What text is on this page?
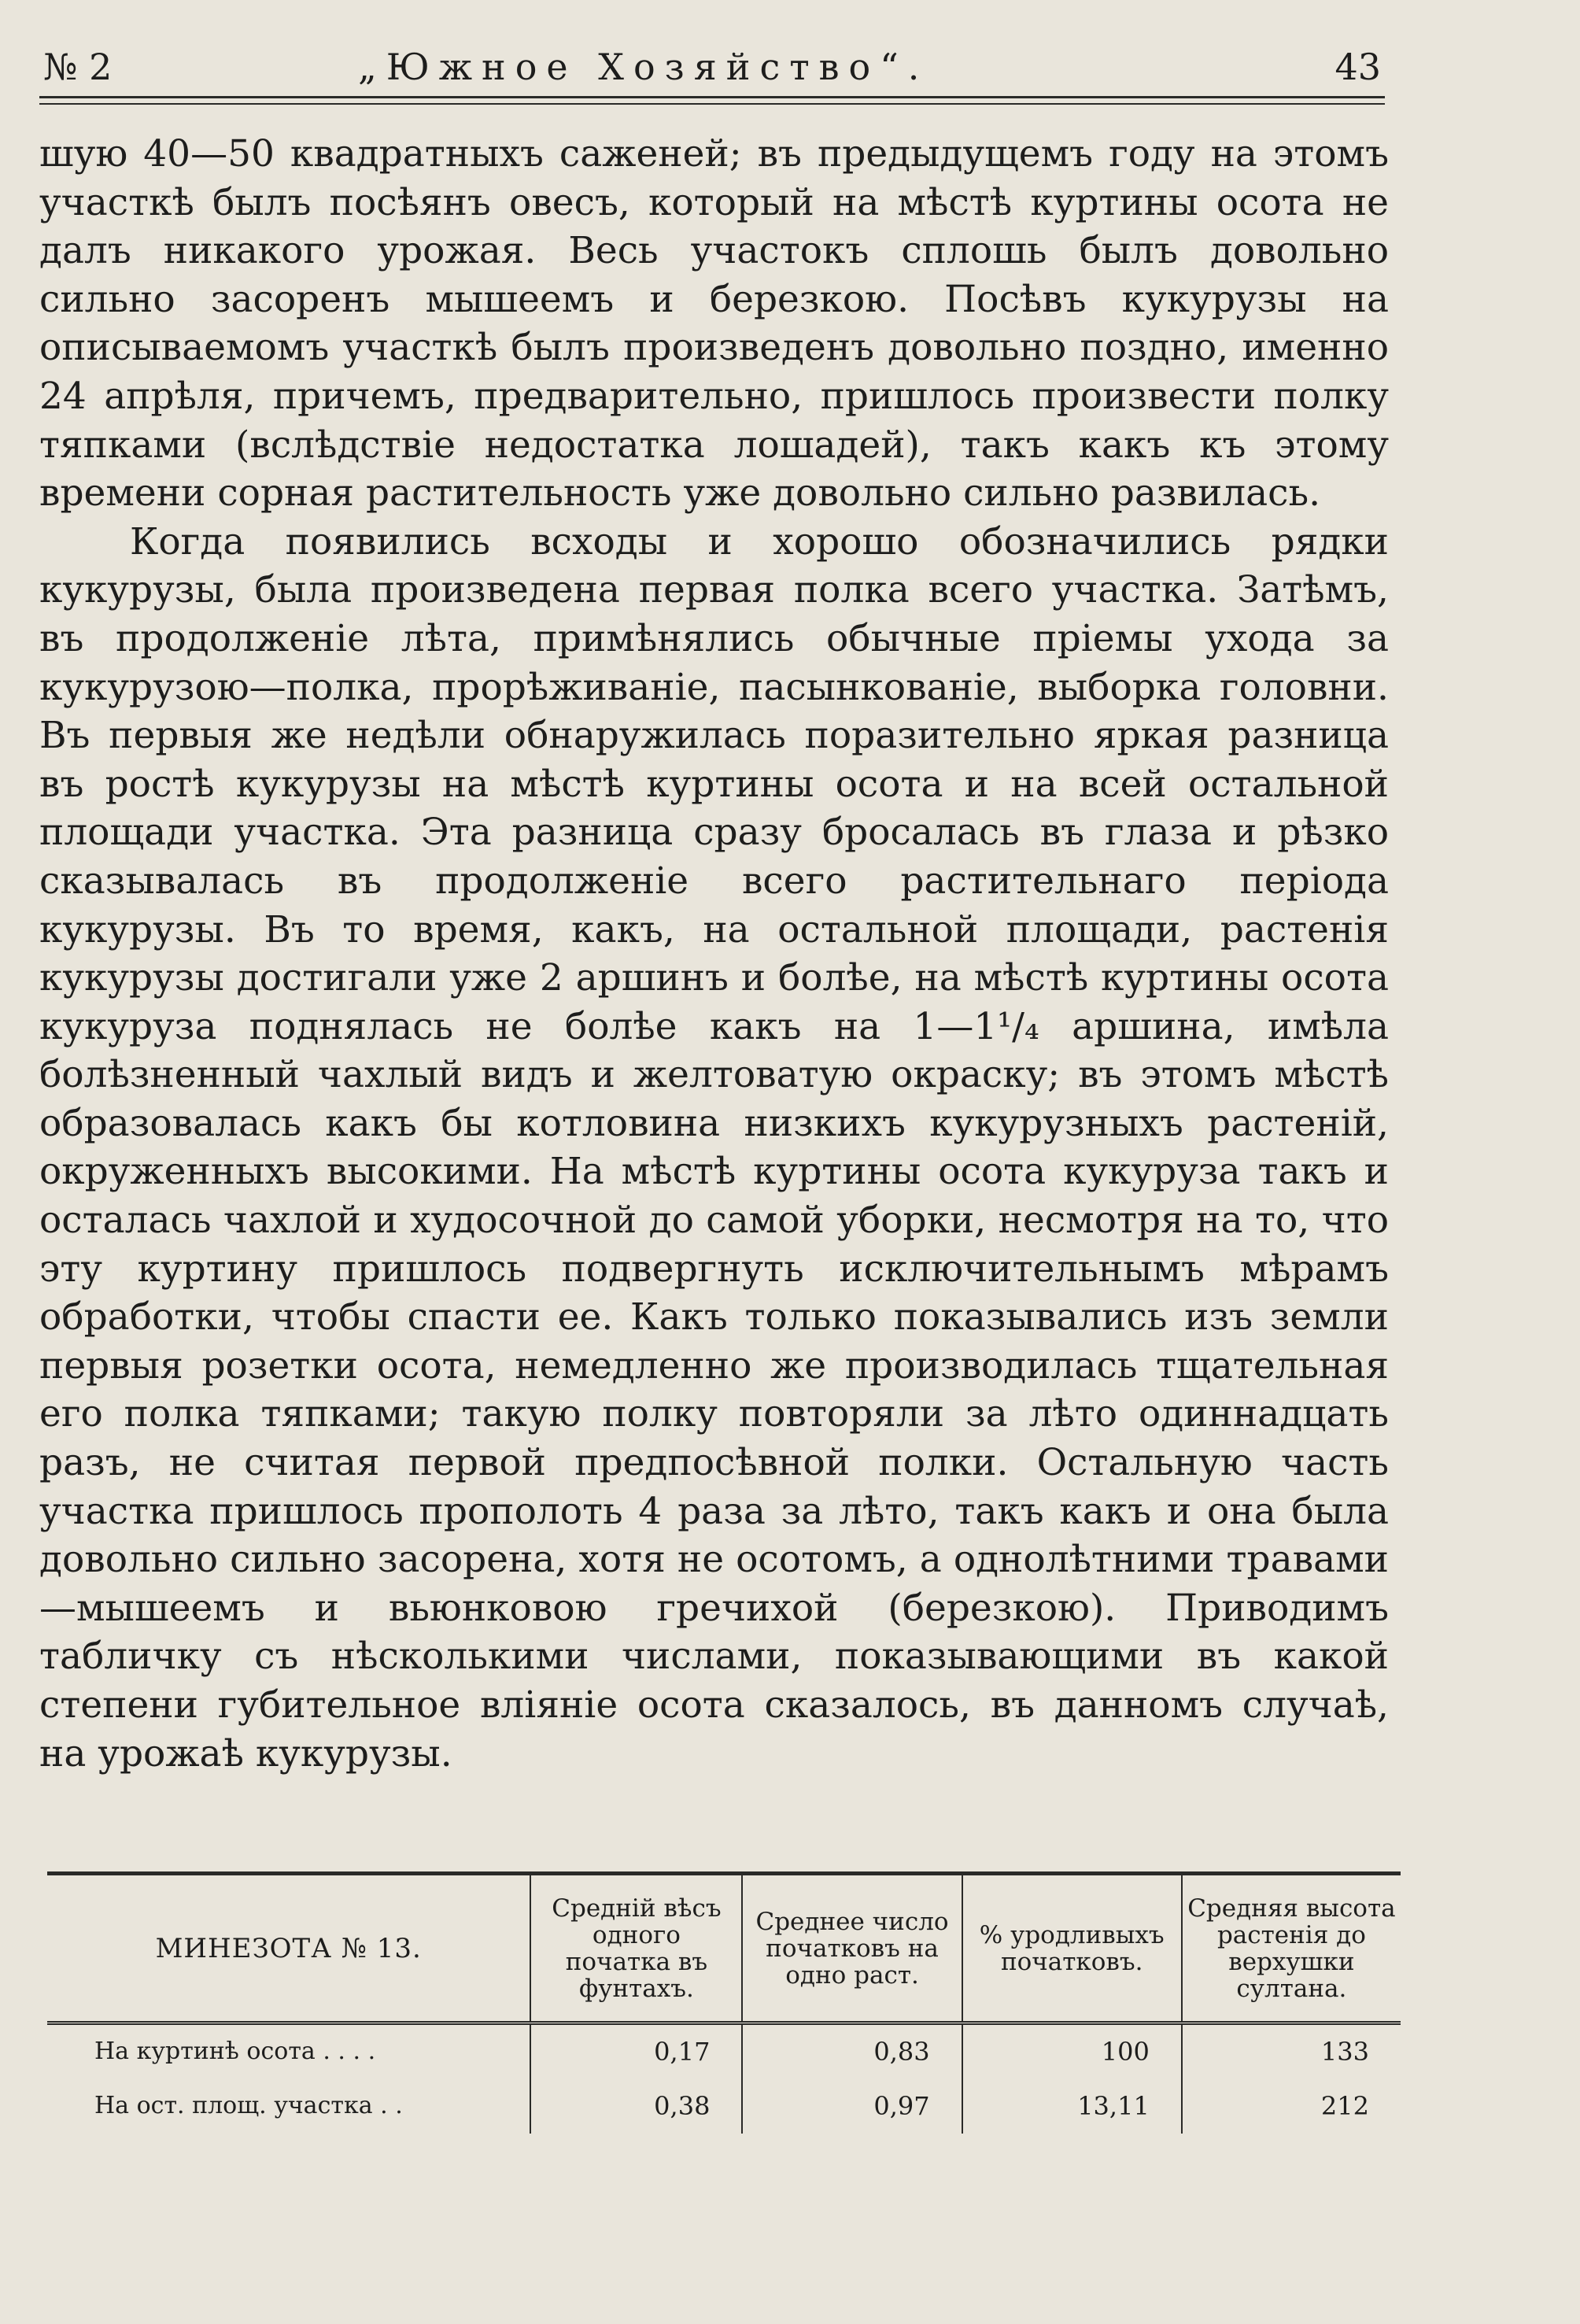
№ 2	„Южное Хозяйство“.	43

шую 40—50 квадратныхъ саженей; въ предыдущемъ году на этомъ участкѣ былъ посѣянъ овесъ, который на мѣстѣ куртины осота не далъ никакого урожая. Весь участокъ сплошь былъ довольно сильно засоренъ мышеемъ и березкою. Посѣвъ кукурузы на описываемомъ участкѣ былъ произведенъ довольно поздно, именно 24 апрѣля, причемъ, предварительно, пришлось произвести полку тяпками (вслѣдствіе недостатка лошадей), такъ какъ къ этому времени сорная растительность уже довольно сильно развилась.

Когда появились всходы и хорошо обозначились рядки кукурузы, была произведена первая полка всего участка. Затѣмъ, въ продолженіе лѣта, примѣнялись обычные пріемы ухода за кукурузою—полка, прорѣживаніе, пасынкованіе, выборка головни. Въ первыя же недѣли обнаружилась поразительно яркая разница въ ростѣ кукурузы на мѣстѣ куртины осота и на всей остальной площади участка. Эта разница сразу бросалась въ глаза и рѣзко сказывалась въ продолженіе всего растительнаго періода кукурузы. Въ то время, какъ, на остальной площади, растенія кукурузы достигали уже 2 аршинъ и болѣе, на мѣстѣ куртины осота кукуруза поднялась не болѣе какъ на 1—1¹/₄ аршина, имѣла болѣзненный чахлый видъ и желтоватую окраску; въ этомъ мѣстѣ образовалась какъ бы котловина низкихъ кукурузныхъ растеній, окруженныхъ высокими. На мѣстѣ куртины осота кукуруза такъ и осталась чахлой и худосочной до самой уборки, несмотря на то, что эту куртину пришлось подвергнуть исключительнымъ мѣрамъ обработки, чтобы спасти ее. Какъ только показывались изъ земли первыя розетки осота, немедленно же производилась тщательная его полка тяпками; такую полку повторяли за лѣто одиннадцать разъ, не считая первой предпосѣвной полки. Остальную часть участка пришлось прополоть 4 раза за лѣто, такъ какъ и она была довольно сильно засорена, хотя не осотомъ, а однолѣтними травами—мышеемъ и вьюнковою гречихой (березкою). Приводимъ табличку съ нѣсколькими числами, показывающими въ какой степени губительное вліяніе осота сказалось, въ данномъ случаѣ, на урожаѣ кукурузы.

МИНЕЗОТА № 13.	Средній вѣсъ одного початка въ фунтахъ.	Среднее число початковъ на одно раст.	% уродливыхъ початковъ.	Средняя высота растенія до верхушки султана.
На куртинѣ осота . . . .	0,17	0,83	100	133
На ост. площ. участка . .	0,38	0,97	13,11	212
